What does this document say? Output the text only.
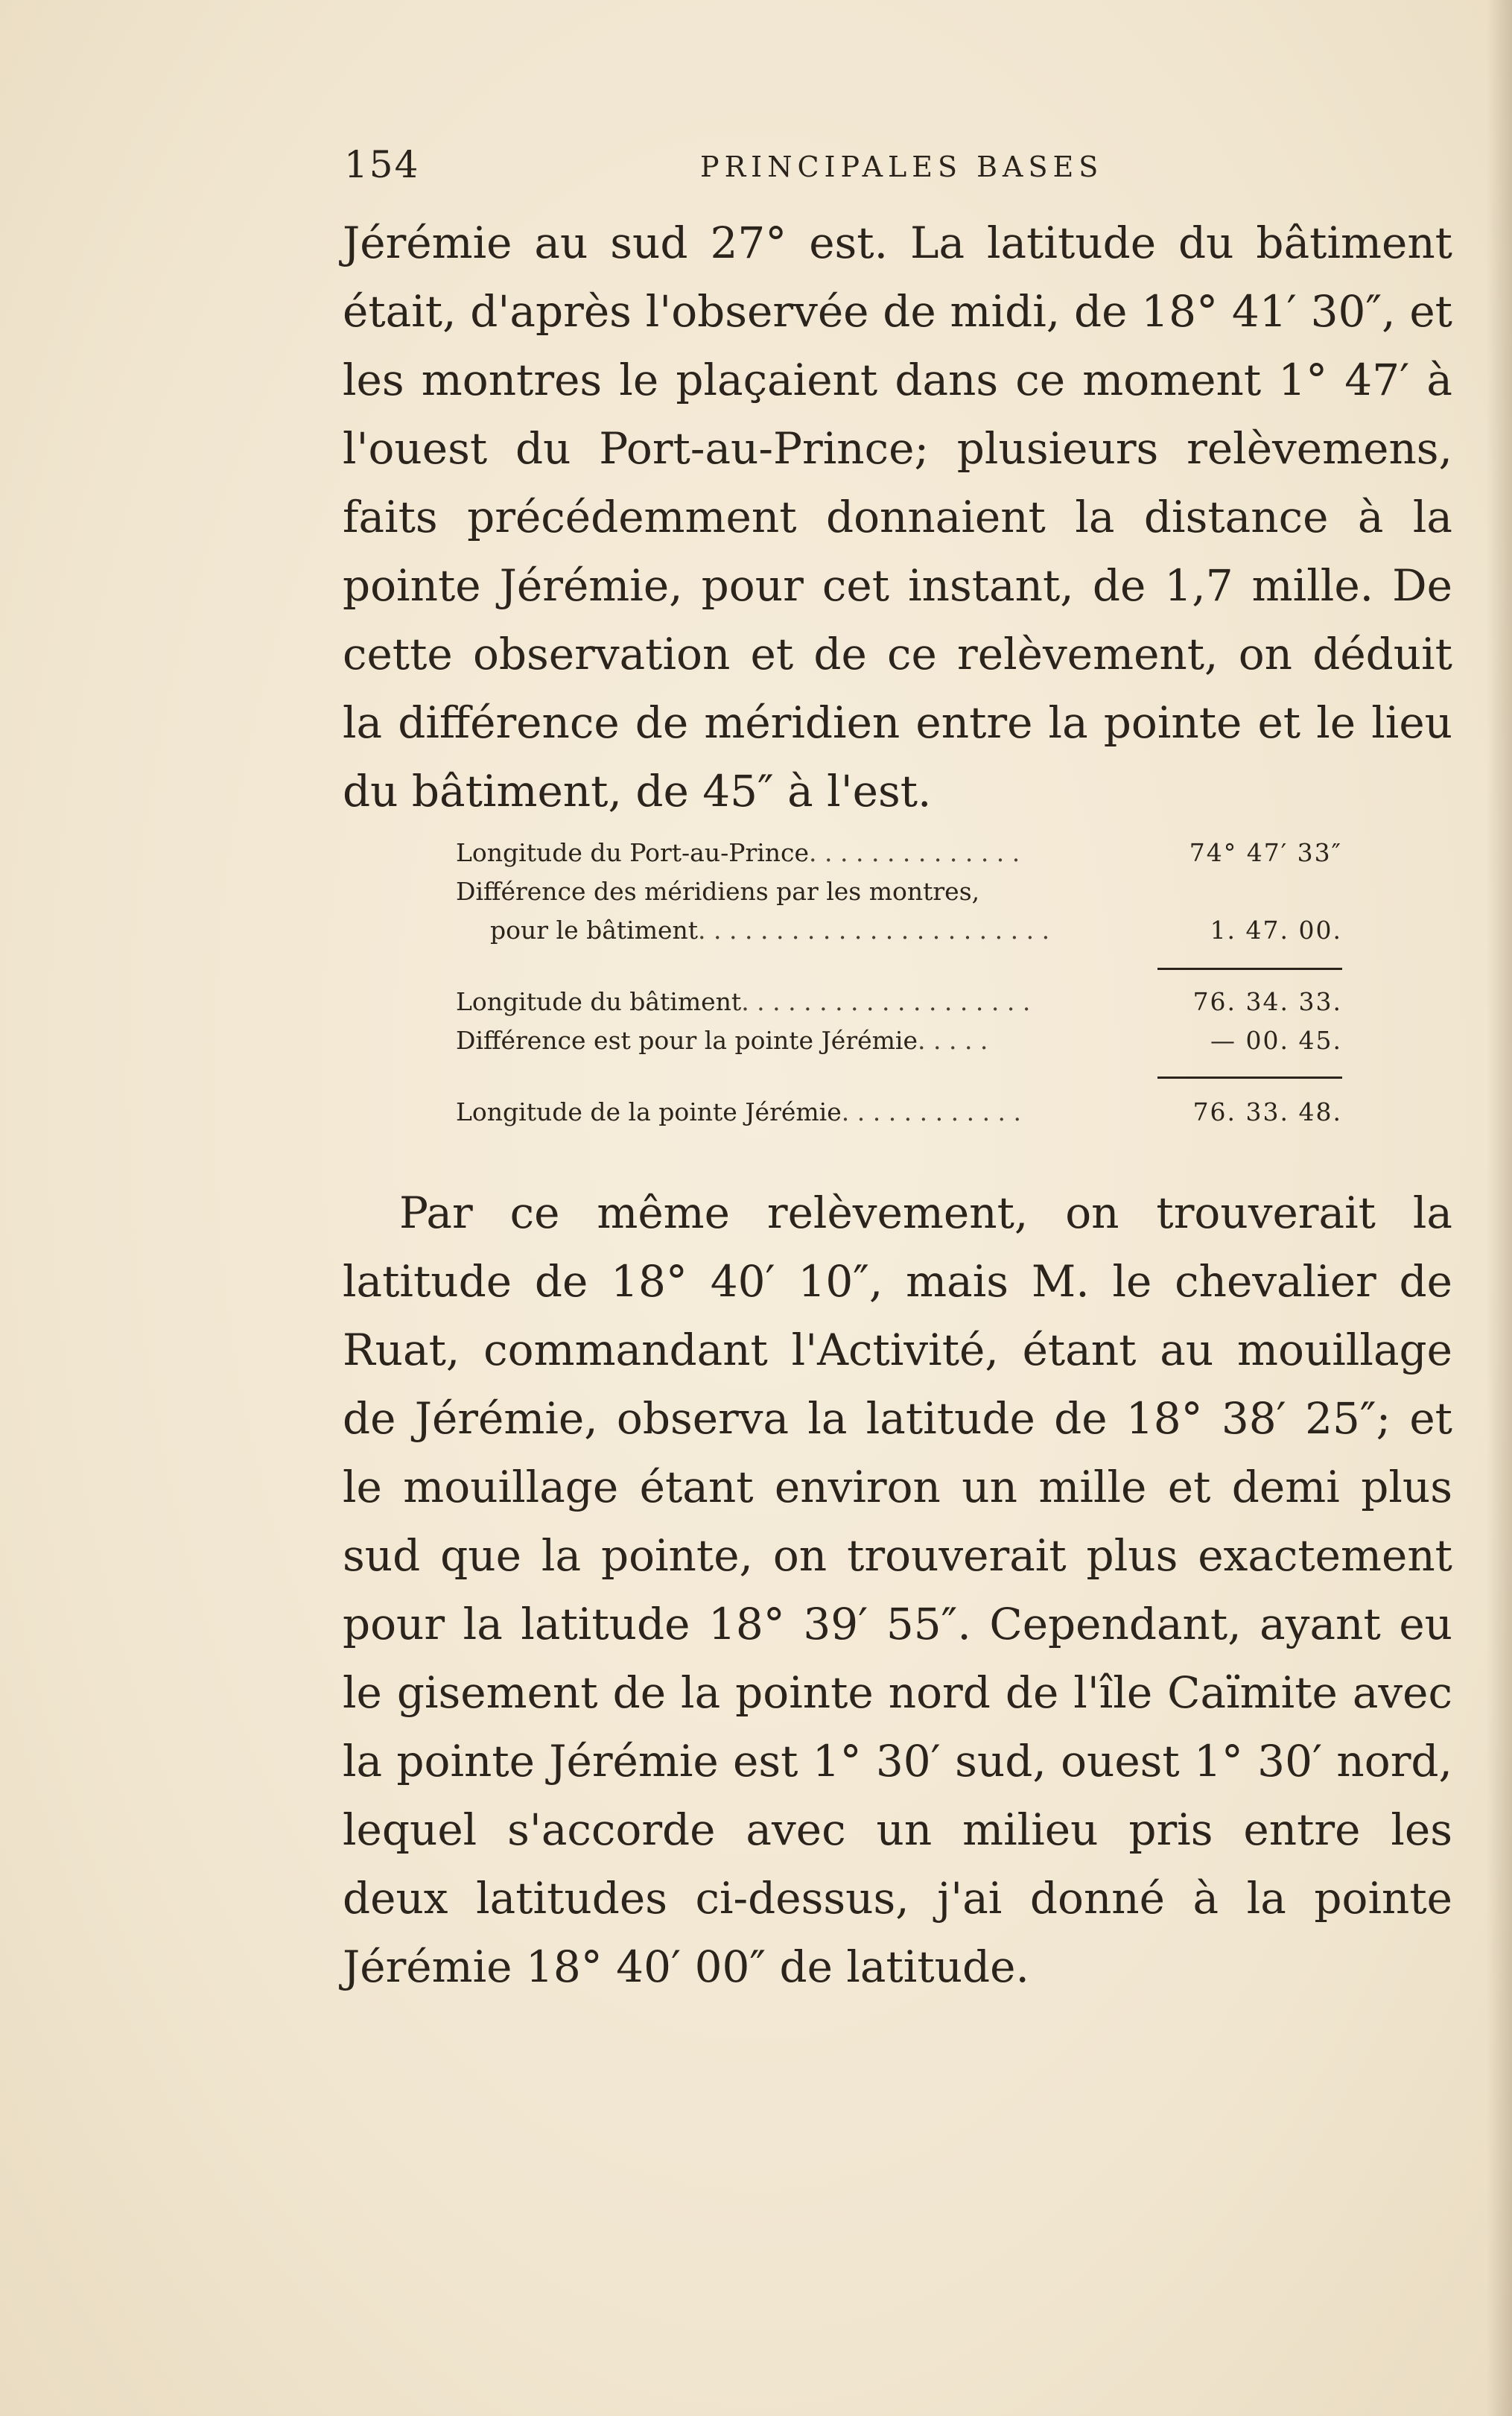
154	PRINCIPALES BASES

Jérémie au sud 27° est. La latitude du bâtiment était, d'après l'observée de midi, de 18° 41′ 30″, et les montres le plaçaient dans ce moment 1° 47′ à l'ouest du Port-au-Prince; plusieurs relèvemens, faits précédemment donnaient la distance à la pointe Jérémie, pour cet instant, de 1,7 mille. De cette observation et de ce relèvement, on déduit la différence de méridien entre la pointe et le lieu du bâtiment, de 45″ à l'est.

Longitude du Port-au-Prince. . . . . . . . . . . . . .	74° 47′ 33″
Différence des méridiens par les montres,
pour le bâtiment. . . . . . . . . . . . . . . . . . . . . . .	1. 47. 00.
Longitude du bâtiment. . . . . . . . . . . . . . . . . . .	76. 34. 33.
Différence est pour la pointe Jérémie. . . . .	— 00. 45.
Longitude de la pointe Jérémie. . . . . . . . . . . .	76. 33. 48.

Par ce même relèvement, on trouverait la latitude de 18° 40′ 10″, mais M. le chevalier de Ruat, commandant l'Activité, étant au mouillage de Jérémie, observa la latitude de 18° 38′ 25″; et le mouillage étant environ un mille et demi plus sud que la pointe, on trouverait plus exactement pour la latitude 18° 39′ 55″. Cependant, ayant eu le gisement de la pointe nord de l'île Caïmite avec la pointe Jérémie est 1° 30′ sud, ouest 1° 30′ nord, lequel s'accorde avec un milieu pris entre les deux latitudes ci-dessus, j'ai donné à la pointe Jérémie 18° 40′ 00″ de latitude.
